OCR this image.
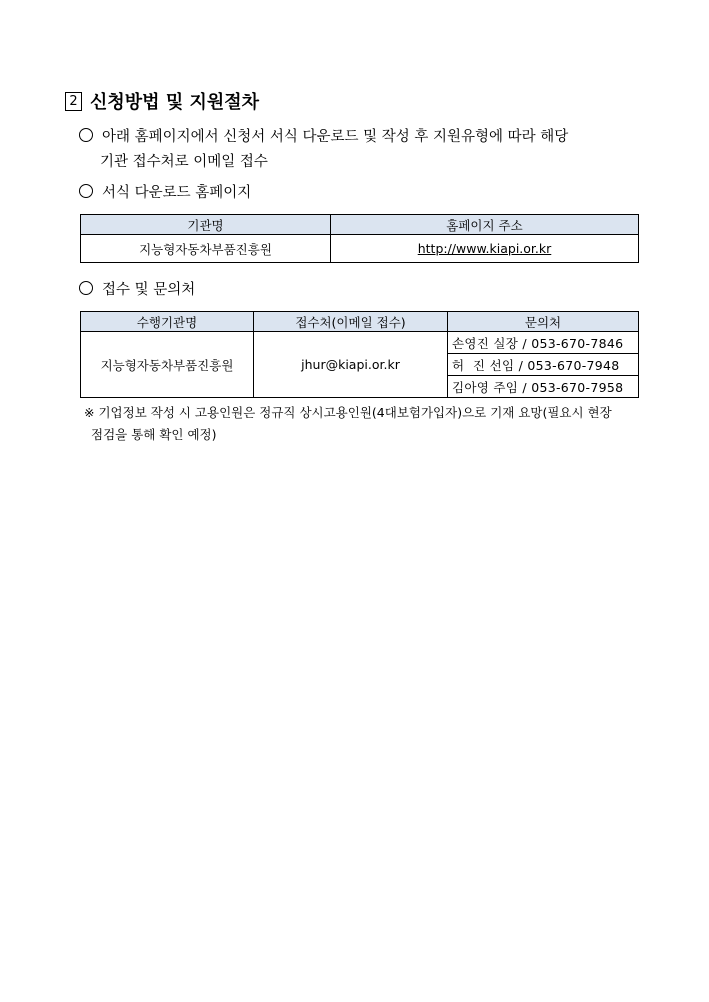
2 신청방법 및 지원절차
아래 홈페이지에서 신청서 서식 다운로드 및 작성 후 지원유형에 따라 해당
기관 접수처로 이메일 접수
서식 다운로드 홈페이지
기관명	홈페이지 주소
지능형자동차부품진흥원	http://www.kiapi.or.kr
접수 및 문의처
수행기관명	접수처(이메일 접수)	문의처
지능형자동차부품진흥원	jhur@kiapi.or.kr	손영진 실장 / 053-670-7846
		허  진 선임 / 053-670-7948
		김아영 주임 / 053-670-7958
※ 기업정보 작성 시 고용인원은 정규직 상시고용인원(4대보험가입자)으로 기재 요망(필요시 현장
점검을 통해 확인 예정)
